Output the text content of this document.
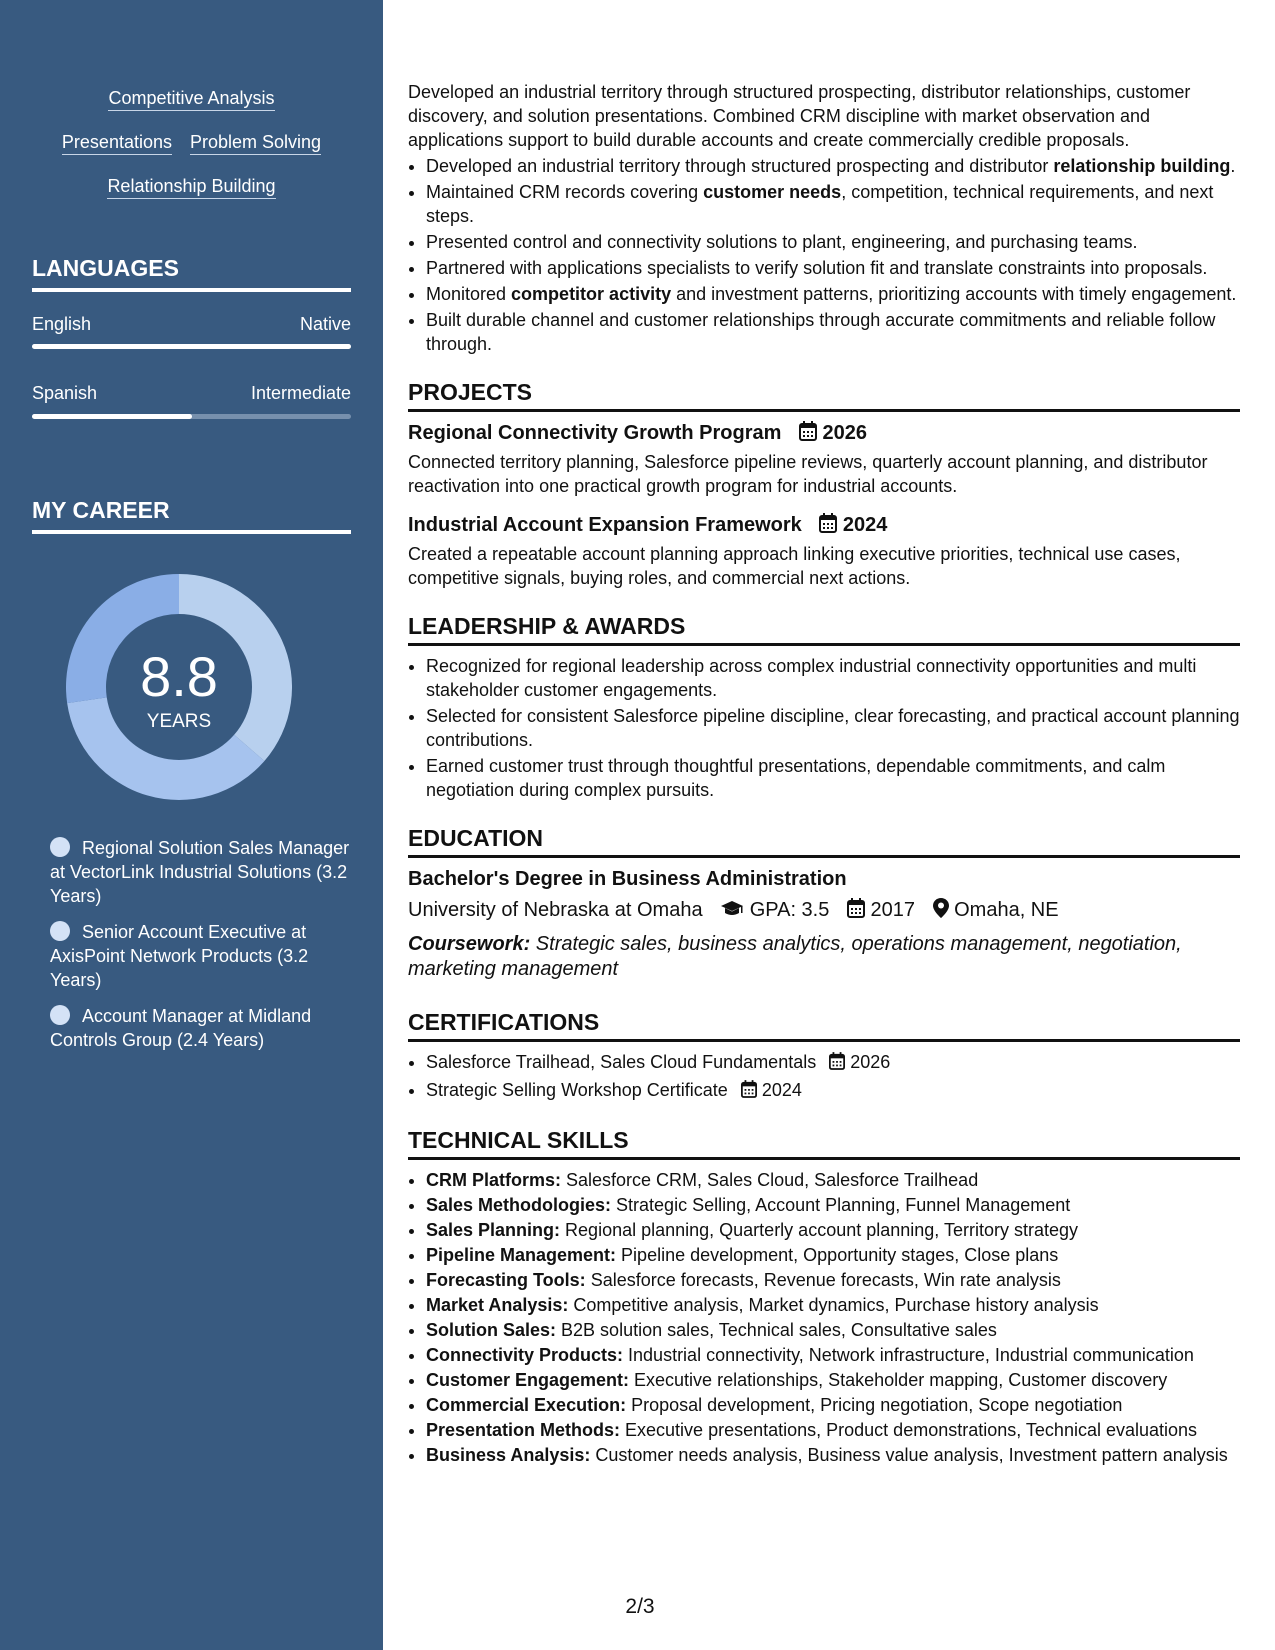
Competitive Analysis
Presentations Problem Solving
Relationship Building
LANGUAGES
English	Native
Spanish	Intermediate
MY CAREER
8.8
YEARS
Regional Solution Sales Manager at VectorLink Industrial Solutions (3.2 Years)
Senior Account Executive at AxisPoint Network Products (3.2 Years)
Account Manager at Midland Controls Group (2.4 Years)

Developed an industrial territory through structured prospecting, distributor relationships, customer discovery, and solution presentations. Combined CRM discipline with market observation and applications support to build durable accounts and create commercially credible proposals.

• Developed an industrial territory through structured prospecting and distributor relationship building.
• Maintained CRM records covering customer needs, competition, technical requirements, and next steps.
• Presented control and connectivity solutions to plant, engineering, and purchasing teams.
• Partnered with applications specialists to verify solution fit and translate constraints into proposals.
• Monitored competitor activity and investment patterns, prioritizing accounts with timely engagement.
• Built durable channel and customer relationships through accurate commitments and reliable follow through.
PROJECTS
Regional Connectivity Growth Program 2026
Connected territory planning, Salesforce pipeline reviews, quarterly account planning, and distributor reactivation into one practical growth program for industrial accounts.
Industrial Account Expansion Framework 2024
Created a repeatable account planning approach linking executive priorities, technical use cases, competitive signals, buying roles, and commercial next actions.
LEADERSHIP & AWARDS
• Recognized for regional leadership across complex industrial connectivity opportunities and multi stakeholder customer engagements.
• Selected for consistent Salesforce pipeline discipline, clear forecasting, and practical account planning contributions.
• Earned customer trust through thoughtful presentations, dependable commitments, and calm negotiation during complex pursuits.
EDUCATION
Bachelor's Degree in Business Administration
University of Nebraska at Omaha GPA: 3.5 2017 Omaha, NE
Coursework: Strategic sales, business analytics, operations management, negotiation, marketing management
CERTIFICATIONS
• Salesforce Trailhead, Sales Cloud Fundamentals 2026
• Strategic Selling Workshop Certificate 2024
TECHNICAL SKILLS
• CRM Platforms: Salesforce CRM, Sales Cloud, Salesforce Trailhead
• Sales Methodologies: Strategic Selling, Account Planning, Funnel Management
• Sales Planning: Regional planning, Quarterly account planning, Territory strategy
• Pipeline Management: Pipeline development, Opportunity stages, Close plans
• Forecasting Tools: Salesforce forecasts, Revenue forecasts, Win rate analysis
• Market Analysis: Competitive analysis, Market dynamics, Purchase history analysis
• Solution Sales: B2B solution sales, Technical sales, Consultative sales
• Connectivity Products: Industrial connectivity, Network infrastructure, Industrial communication
• Customer Engagement: Executive relationships, Stakeholder mapping, Customer discovery
• Commercial Execution: Proposal development, Pricing negotiation, Scope negotiation
• Presentation Methods: Executive presentations, Product demonstrations, Technical evaluations
• Business Analysis: Customer needs analysis, Business value analysis, Investment pattern analysis
2/3
